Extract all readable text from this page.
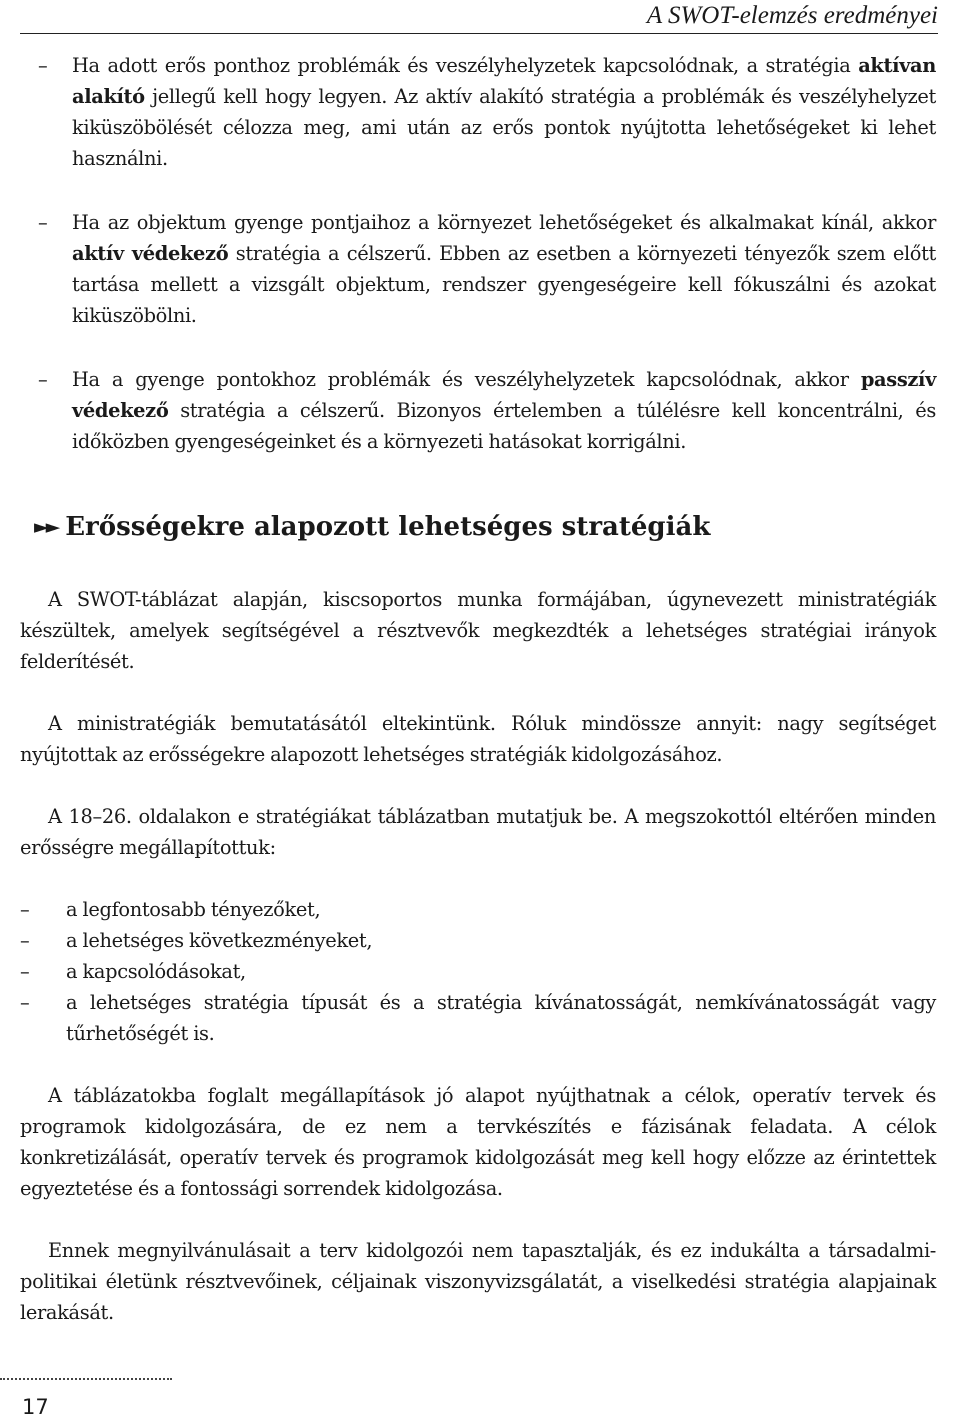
A SWOT-elemzés eredményei
– Ha adott erős ponthoz problémák és veszélyhelyzetek kapcsolódnak, a stratégia aktívan alakító jellegű kell hogy legyen. Az aktív alakító stratégia a problémák és veszélyhelyzet kiküszöbölését célozza meg, ami után az erős pontok nyújtotta lehetőségeket ki lehet használni.
– Ha az objektum gyenge pontjaihoz a környezet lehetőségeket és alkalmakat kínál, akkor aktív védekező stratégia a célszerű. Ebben az esetben a környezeti tényezők szem előtt tartása mellett a vizsgált objektum, rendszer gyengeségeire kell fókuszálni és azokat kiküszöbölni.
– Ha a gyenge pontokhoz problémák és veszélyhelyzetek kapcsolódnak, akkor passzív védekező stratégia a célszerű. Bizonyos értelemben a túlélésre kell koncentrálni, és időközben gyengeségeinket és a környezeti hatásokat korrigálni.
►► Erősségekre alapozott lehetséges stratégiák

A SWOT-táblázat alapján, kiscsoportos munka formájában, úgynevezett ministratégiák készültek, amelyek segítségével a résztvevők megkezdték a lehetséges stratégiai irányok felderítését.

A ministratégiák bemutatásától eltekintünk. Róluk mindössze annyit: nagy segítséget nyújtottak az erősségekre alapozott lehetséges stratégiák kidolgozásához.

A 18–26. oldalakon e stratégiákat táblázatban mutatjuk be. A megszokottól eltérően minden erősségre megállapítottuk:

– a legfontosabb tényezőket,
– a lehetséges következményeket,
– a kapcsolódásokat,
– a lehetséges stratégia típusát és a stratégia kívánatosságát, nemkívánatosságát vagy tűrhetőségét is.

A táblázatokba foglalt megállapítások jó alapot nyújthatnak a célok, operatív tervek és programok kidolgozására, de ez nem a tervkészítés e fázisának feladata. A célok konkretizálását, operatív tervek és programok kidolgozását meg kell hogy előzze az érintettek egyeztetése és a fontossági sorrendek kidolgozása.

Ennek megnyilvánulásait a terv kidolgozói nem tapasztalják, és ez indukálta a társadalmi-politikai életünk résztvevőinek, céljainak viszonyvizsgálatát, a viselkedési stratégia alapjainak lerakását.

17
